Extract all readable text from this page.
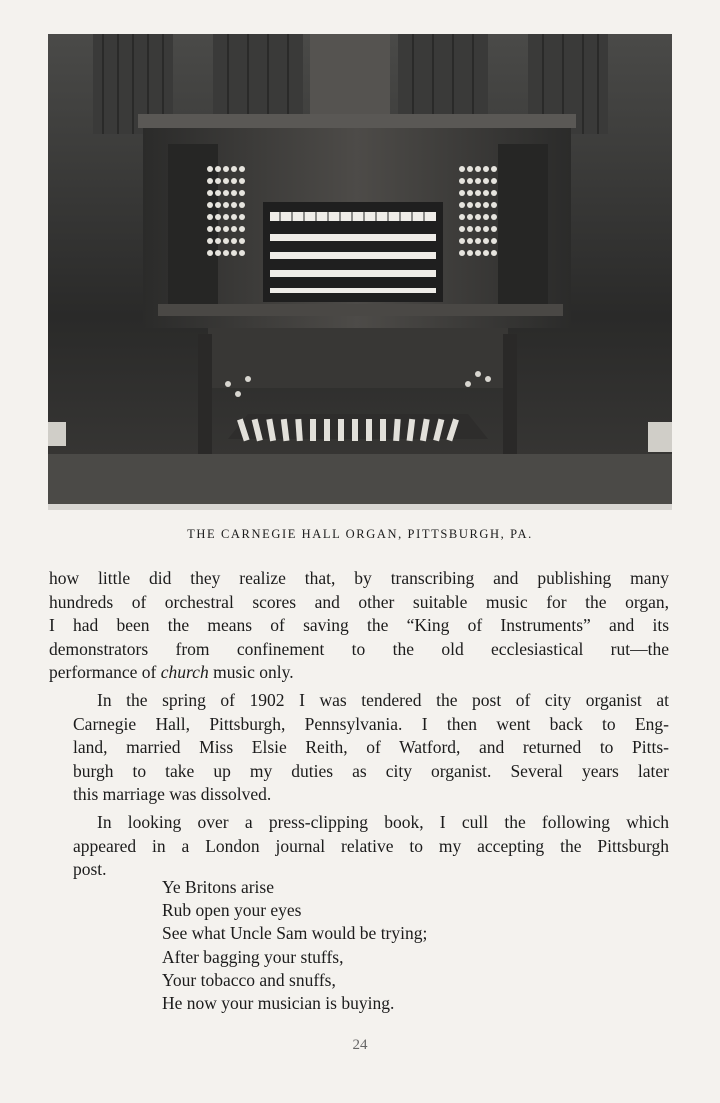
THE CARNEGIE HALL ORGAN, PITTSBURGH, PA.

how little did they realize that, by transcribing and publishing many
hundreds of orchestral scores and other suitable music for the organ,
I had been the means of saving the “King of Instruments” and its
demonstrators from confinement to the old ecclesiastical rut—the
performance of church music only.

In the spring of 1902 I was tendered the post of city organist at
Carnegie Hall, Pittsburgh, Pennsylvania. I then went back to Eng-
land, married Miss Elsie Reith, of Watford, and returned to Pitts-
burgh to take up my duties as city organist. Several years later
this marriage was dissolved.

In looking over a press-clipping book, I cull the following which
appeared in a London journal relative to my accepting the Pittsburgh
post.

Ye Britons arise
Rub open your eyes
See what Uncle Sam would be trying;
After bagging your stuffs,
Your tobacco and snuffs,
He now your musician is buying.
24
